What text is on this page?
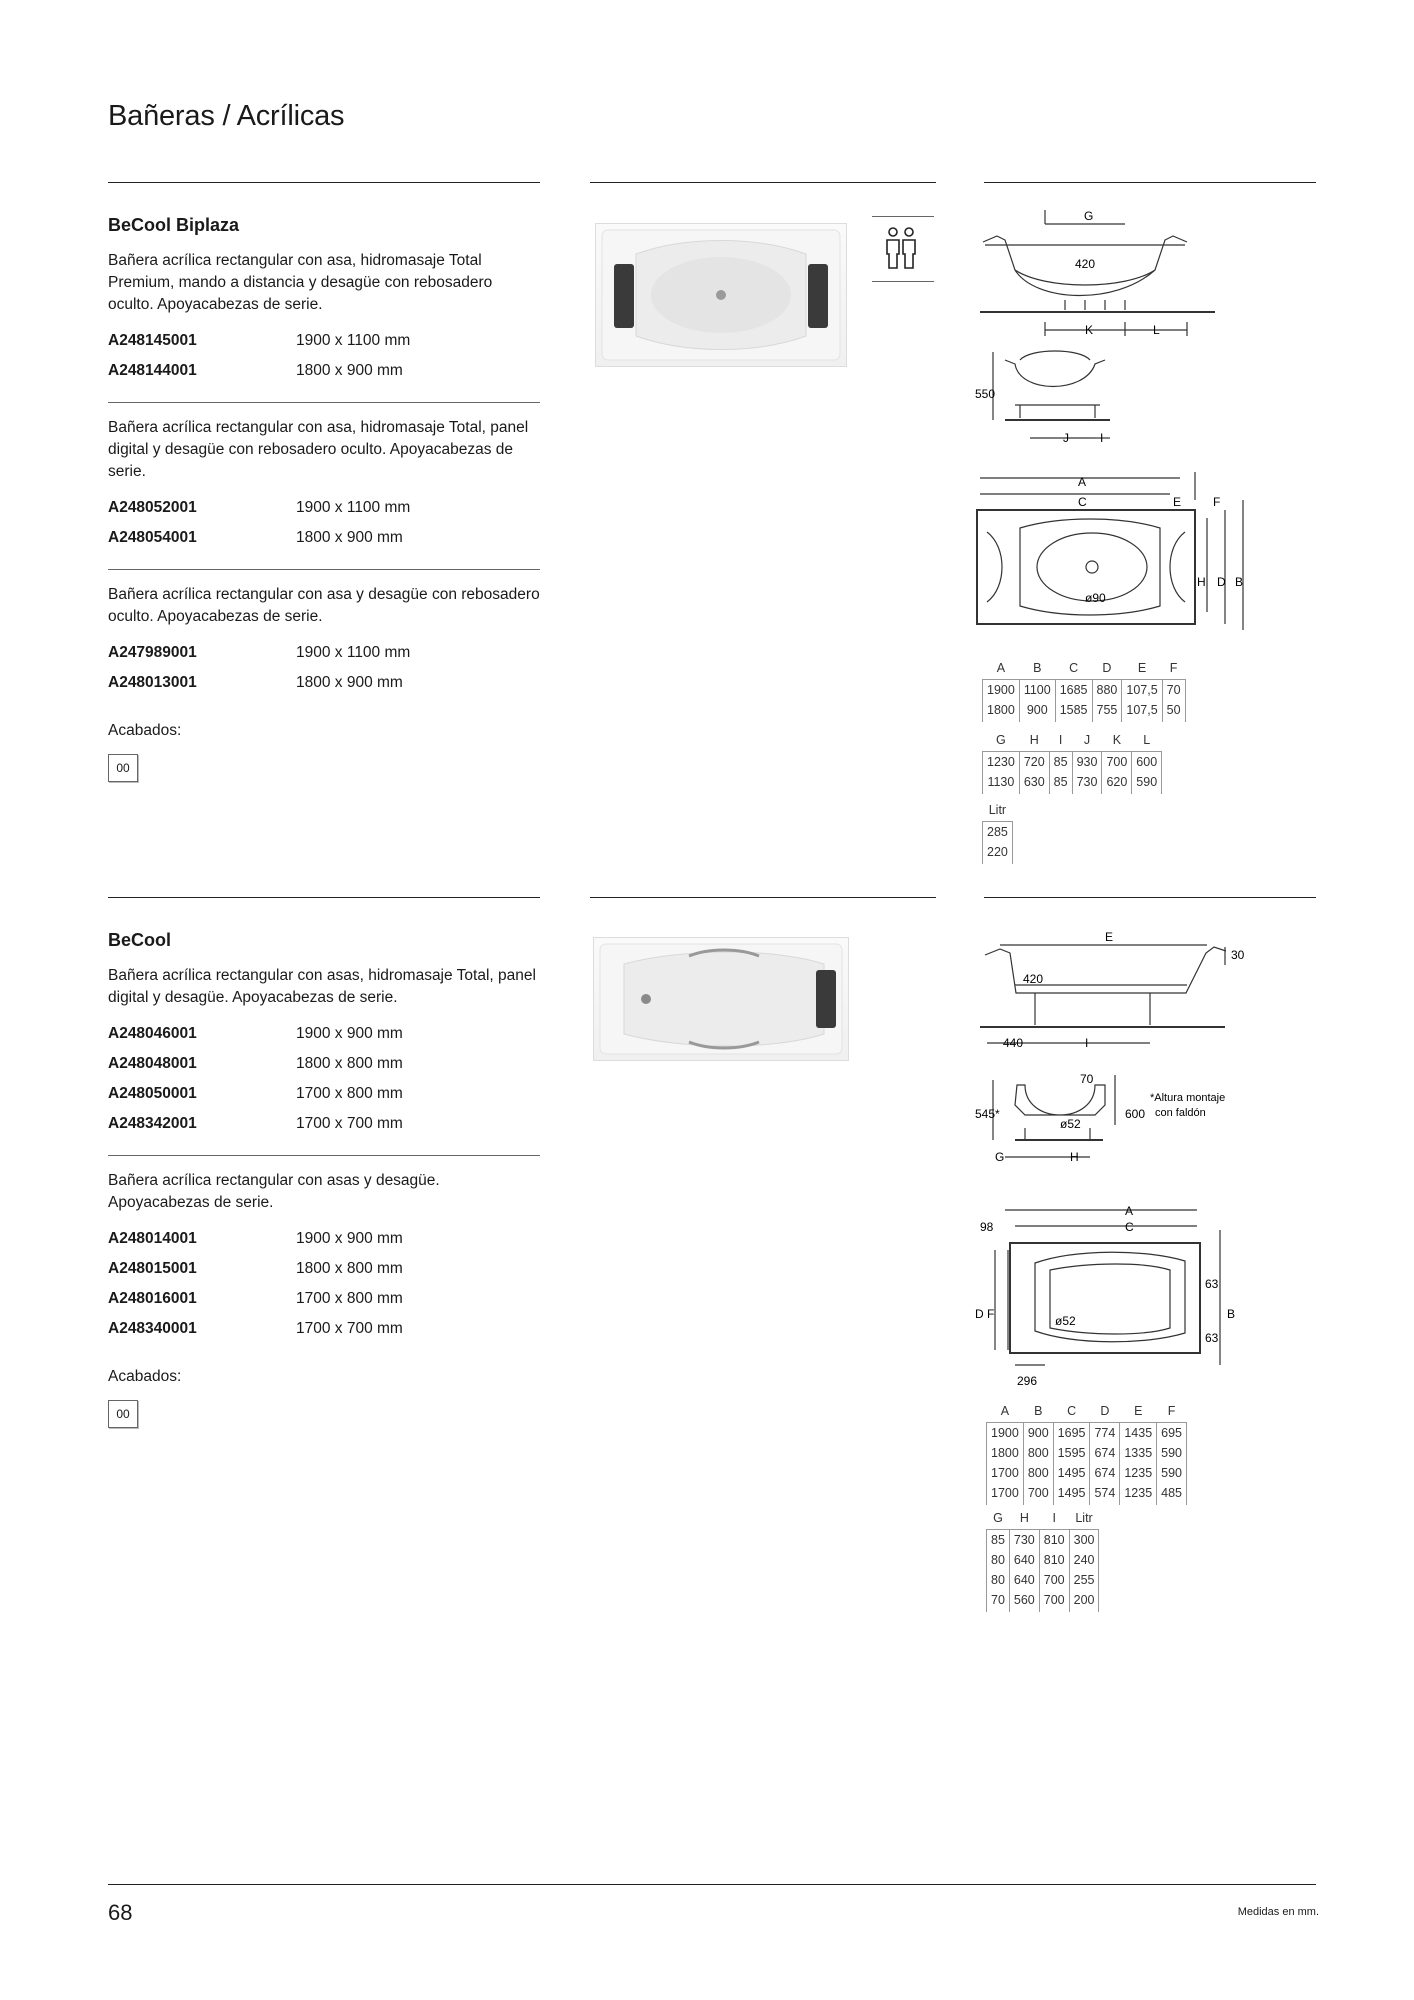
Bañeras / Acrílicas
BeCool Biplaza
Bañera acrílica rectangular con asa, hidromasaje Total Premium, mando a distancia y desagüe con rebosadero oculto. Apoyacabezas de serie.
A248145001	1900 x 1100 mm
A248144001	1800 x 900 mm
Bañera acrílica rectangular con asa, hidromasaje Total, panel digital y desagüe con rebosadero oculto. Apoyacabezas de serie.
A248052001	1900 x 1100 mm
A248054001	1800 x 900 mm
Bañera acrílica rectangular con asa y desagüe con rebosadero oculto. Apoyacabezas de serie.
A247989001	1900 x 1100 mm
A248013001	1800 x 900 mm
Acabados:
00
G
420
K	L
550
J	I
A
C	E	F
H D B
ø90
A	B	C	D	E	F
1900	1100	1685	880	107,5	70
1800	900	1585	755	107,5	50
G	H	I	J	K	L
1230	720	85	930	700	600
1130	630	85	730	620	590
Litr
285
220
BeCool
Bañera acrílica rectangular con asas, hidromasaje Total, panel digital y desagüe. Apoyacabezas de serie.
A248046001	1900 x 900 mm
A248048001	1800 x 800 mm
A248050001	1700 x 800 mm
A248342001	1700 x 700 mm
Bañera acrílica rectangular con asas y desagüe. Apoyacabezas de serie.
A248014001	1900 x 900 mm
A248015001	1800 x 800 mm
A248016001	1700 x 800 mm
A248340001	1700 x 700 mm
Acabados:
00
E
30
420
440	I
70
ø52
545*	600
*Altura montaje
con faldón
G	H
A
C
98
D F	ø52
63
63
B
296
A	B	C	D	E	F
1900	900	1695	774	1435	695
1800	800	1595	674	1335	590
1700	800	1495	674	1235	590
1700	700	1495	574	1235	485
G	H	I	Litr
85	730	810	300
80	640	810	240
80	640	700	255
70	560	700	200
68	Medidas en mm.
